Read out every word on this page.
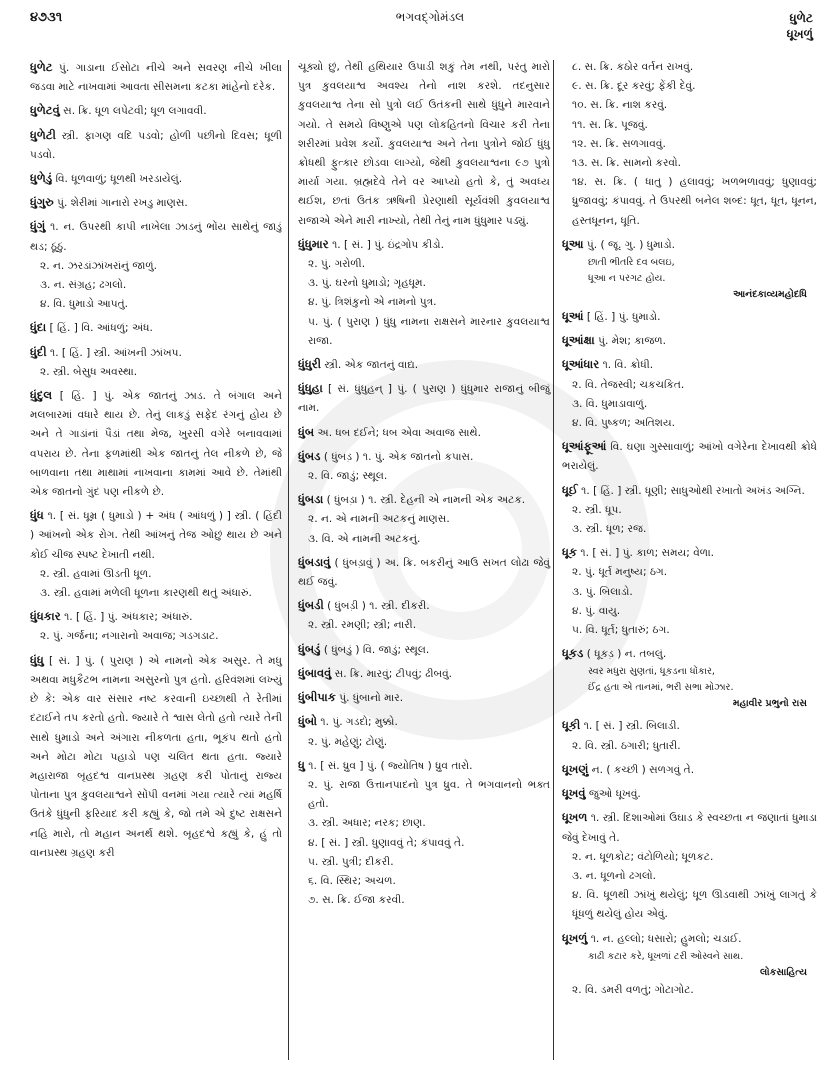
૪૭૩૧	ભગવદ્ગોમંડલ	ધુળેટ
ધૂખળું
ધુળેટ પું. ગાડાના ઈસોટા નીચે અને સવરણ નીચે ખીલા જડવા માટે નાખવામાં આવતા સીસમના કટકા માંહેનો દરેક.
ધુળેટવું સ. ક્રિ. ધૂળ લપેટવી; ધૂળ લગાવવી.
ધુળેટી સ્ત્રી. ફાગણ વદિ પડવો; હોળી પછીનો દિવસ; ધૂળી પડવો.
ધુળેડું વિ. ધૂળવાળું; ધૂળથી ખરડાયેલું.
ધુંગુરુ પું. શેરીમાં ગાનારો રખડુ માણસ.
ધુંગું ૧. ન. ઉપરથી કાપી નાખેલા ઝાડનું ભોંય સાથેનું જાડું થડ; ઠૂંઠું.
૨. ન. ઝરડાંઝાંખરાંનું જાળું.
૩. ન. સંગ્રહ; ઢગલો.
૪. વિ. ધુમાડો આપતું.
ધુંદા [ હિં. ] વિ. આંધળું; અંધ.
ધુંદી ૧. [ હિં. ] સ્ત્રી. આંખની ઝાંખપ.
૨. સ્ત્રી. બેસુધ અવસ્થા.
ધુંદુલ [ હિં. ] પું. એક જાતનું ઝાડ. તે બંગાલ અને મલબારમાં વધારે થાય છે. તેનું લાકડું સફેદ રંગનું હોય છે અને તે ગાડાંનાં પૈડાં તથા મેજ, ખુરસી વગેરે બનાવવામાં વપરાય છે. તેના ફળમાંથી એક જાતનું તેલ નીકળે છે, જે બાળવાના તથા માથામાં નાખવાના કામમાં આવે છે. તેમાંથી એક જાતનો ગુંદ પણ નીકળે છે.
ધુંધ ૧. [ સં. ધૂમ્ર ( ધુમાડો ) + અંધ ( આંધળું ) ] સ્ત્રી. ( હિંદી ) આંખનો એક રોગ. તેથી આંખનું તેજ ઓછું થાય છે અને કોઈ ચીજ સ્પષ્ટ દેખાતી નથી.
૨. સ્ત્રી. હવામાં ઊડતી ધૂળ.
૩. સ્ત્રી. હવામાં મળેલી ધૂળના કારણથી થતું અંધારું.
ધુંધકાર ૧. [ હિં. ] પું. અંધકાર; અંધારું.
૨. પું. ગર્જના; નગારાનો અવાજ; ગડગડાટ.
ધુંધુ [ સં. ] પું. ( પુરાણ ) એ નામનો એક અસુર. તે મધુ અથવા મધુકૈટભ નામના અસુરનો પુત્ર હતો. હરિવંશમાં લખ્યું છે કે: એક વાર સંસાર નષ્ટ કરવાની ઇચ્છાથી તે રેતીમાં દટાઈને તપ કરતો હતો. જ્યારે તે શ્વાસ લેતો હતો ત્યારે તેની સાથે ધુમાડો અને અંગારા નીકળતા હતા, ભૂકંપ થતો હતો અને મોટા મોટા પહાડો પણ ચલિત થતા હતા. જ્યારે મહારાજા બૃહદશ્વ વાનપ્રસ્થ ગ્રહણ કરી પોતાનું રાજ્ય પોતાના પુત્ર કુવલયાશ્વને સોંપી વનમાં ગયા ત્યારે ત્યાં મહર્ષિ ઉતંકે ધુંધુની ફરિયાદ કરી કહ્યું કે, જો તમે એ દુષ્ટ રાક્ષસને નહિ મારો, તો મહાન અનર્થ થશે. બૃહદશ્વે કહ્યું કે, હું તો વાનપ્રસ્થ ગ્રહણ કરી
ચૂક્યો છું, તેથી હથિયાર ઉપાડી શકું તેમ નથી, પરંતુ મારો પુત્ર કુવલયાશ્વ અવશ્ય તેનો નાશ કરશે. તદનુસાર કુવલયાશ્વ તેના સો પુત્રો લઈ ઉતંકની સાથે ધુંધુને મારવાને ગયો. તે સમયે વિષ્ણુએ પણ લોકહિતનો વિચાર કરી તેના શરીરમાં પ્રવેશ કર્યો. કુવલયાશ્વ અને તેના પુત્રોને જોઈ ધુંધુ ક્રોધથી ફુત્કાર છોડવા લાગ્યો, જેથી કુવલયાશ્વના ૯૭ પુત્રો માર્યા ગયા. બ્રહ્મદેવે તેને વર આપ્યો હતો કે, તું અવધ્ય થઈશ, છતાં ઉતંક ઋષિની પ્રેરણાથી સૂર્યવંશી કુવલયાશ્વ રાજાએ એને મારી નાખ્યો, તેથી તેનું નામ ધુંધુમાર પડ્યું.
ધુંધુમાર ૧. [ સં. ] પું. ઇંદ્રગોપ કીડો.
૨. પું. ગરોળી.
૩. પું. ઘરનો ધુમાડો; ગૃહધૂમ.
૪. પું. ત્રિશંકુનો એ નામનો પુત્ર.
૫. પું. ( પુરાણ ) ધુંધુ નામના રાક્ષસને મારનાર કુવલયાશ્વ રાજા.
ધુંધુરી સ્ત્રી. એક જાતનું વાદ્ય.
ધુંધુહા [ સં. ધુંધુહન્ ] પું. ( પુરાણ ) ધુંધુમાર રાજાનું બીજું નામ.
ધુંબ અ. ધબ દઈને; ધબ એવા અવાજ સાથે.
ધુંબડ ( ધુંબડ઼ ) ૧. પું. એક જાતનો કપાસ.
૨. વિ. જાડું; સ્થૂલ.
ધુંબડા ( ધુંબડ઼ા ) ૧. સ્ત્રી. દેહની એ નામની એક અટક.
૨. ન. એ નામની અટકનું માણસ.
૩. વિ. એ નામની અટકનું.
ધુંબડાવું ( ધુંબડ઼ાવું ) અ. ક્રિ. બકરીનું આઉ સખત લોઢા જેવું થઈ જવું.
ધુંબડી ( ધુંબડ઼ી ) ૧. સ્ત્રી. દીકરી.
૨. સ્ત્રી. રમણી; સ્ત્રી; નારી.
ધુંબડું ( ધુંબડ઼ું ) વિ. જાડું; સ્થૂલ.
ધુંબાવવું સ. ક્રિ. મારવું; ટીપવું; ઢીબવું.
ધુંબીપાક પું. ધુંબાનો માર.
ધુંબો ૧. પું. ગડદો; મુક્કો.
૨. પું. મહેણું; ટોણું.
ધુ ૧. [ સં. ધ્રુવ ] પું. ( જ્યોતિષ ) ધ્રુવ તારો.
૨. પું. રાજા ઉત્તાનપાદનો પુત્ર ધ્રુવ. તે ભગવાનનો ભક્ત હતો.
૩. સ્ત્રી. અધાર; નરક; છાણ.
૪. [ સં. ] સ્ત્રી. ધુણાવવું તે; કંપાવવું તે.
૫. સ્ત્રી. પુત્રી; દીકરી.
૬. વિ. સ્થિર; અચળ.
૭. સ. ક્રિ. ઈજા કરવી.
૮. સ. ક્રિ. કઠોર વર્તન રાખવું.
૯. સ. ક્રિ. દૂર કરવું; ફેંકી દેવું.
૧૦. સ. ક્રિ. નાશ કરવું.
૧૧. સ. ક્રિ. પૂજવું.
૧૨. સ. ક્રિ. સળગાવવું.
૧૩. સ. ક્રિ. સામનો કરવો.
૧૪. સ. ક્રિ. ( ધાતુ ) હલાવવું; ખળભળાવવું; ધુણાવવું; ધ્રુજાવવું; કંપાવવું. તે ઉપરથી બનેલ શબ્દ: ધૂત, ધૂત, ધૂનન, હસ્તધૂનન, ધૂતિ.
ધૂઆ પું. ( જૂ. ગુ. ) ધુમાડો.
છાતી ભીતરિ દવ બલઇ,
ધૂઆ ન પરગટ હોય.
આનંદકાવ્યમહોદધિ
ધૂઆં [ હિં. ] પું. ધુમાડો.
ધૂઆંક્ષા પું. મેશ; કાજળ.
ધૂઆંધાર ૧. વિ. ક્રોધી.
૨. વિ. તેજસ્વી; ચકચકિત.
૩. વિ. ધુમાડાવાળું.
૪. વિ. પુષ્કળ; અતિશય.
ધૂઆંફૂઆં વિ. ઘણા ગુસ્સાવાળું; આંખો વગેરેના દેખાવથી ક્રોધે ભરાયેલું.
ધૂઈ ૧. [ હિં. ] સ્ત્રી. ધૂણી; સાધુઓથી રખાતો અખંડ અગ્નિ.
૨. સ્ત્રી. ધૂપ.
૩. સ્ત્રી. ધૂળ; રજ.
ધૂક ૧. [ સં. ] પું. કાળ; સમય; વેળા.
૨. પું. ધૂર્ત મનુષ્ય; ઠગ.
૩. પું. બિલાડો.
૪. પું. વાયુ.
૫. વિ. ધૂર્ત; ધુતારું; ઠગ.
ધૂકડ ( ધૂકડ઼ ) ન. તબલું.
સ્વર મધુરા સુણતાં, ધૂકડના ધોંકાર,
ઈંદ્ર હતા એ તાનમાં, ભરી સભા મોઝાર.
મહાવીર પ્રભુનો રાસ
ધૂકી ૧. [ સં. ] સ્ત્રી. બિલાડી.
૨. વિ. સ્ત્રી. ઠગારી; ધુતારી.
ધૂખણું ન. ( કચ્છી ) સળગવું તે.
ધૂખવું જુઓ ધૂખવું.
ધૂખળ ૧. સ્ત્રી. દિશાઓમાં ઉઘાડ કે સ્વચ્છતા ન જણાતાં ધુમાડા જેવું દેખાવું તે.
૨. ન. ધૂળકોટ; વંટોળિયો; ધૂળકટ.
૩. ન. ધૂળનો ઢગલો.
૪. વિ. ધૂળથી ઝાંખું થયેલું; ધૂળ ઊડવાથી ઝાંખું લાગતું કે ધૂંધળું થયેલું હોય એવું.
ધૂખળું ૧. ન. હલ્લો; ધસારો; હુમલો; ચડાઈ.
કાઢી કટાર કરે, ધૂખળાં ટરી ઓસ્વને સાથ.
લોકસાહિત્ય
૨. વિ. ડમરી વળતું; ગોટાગોટ.
